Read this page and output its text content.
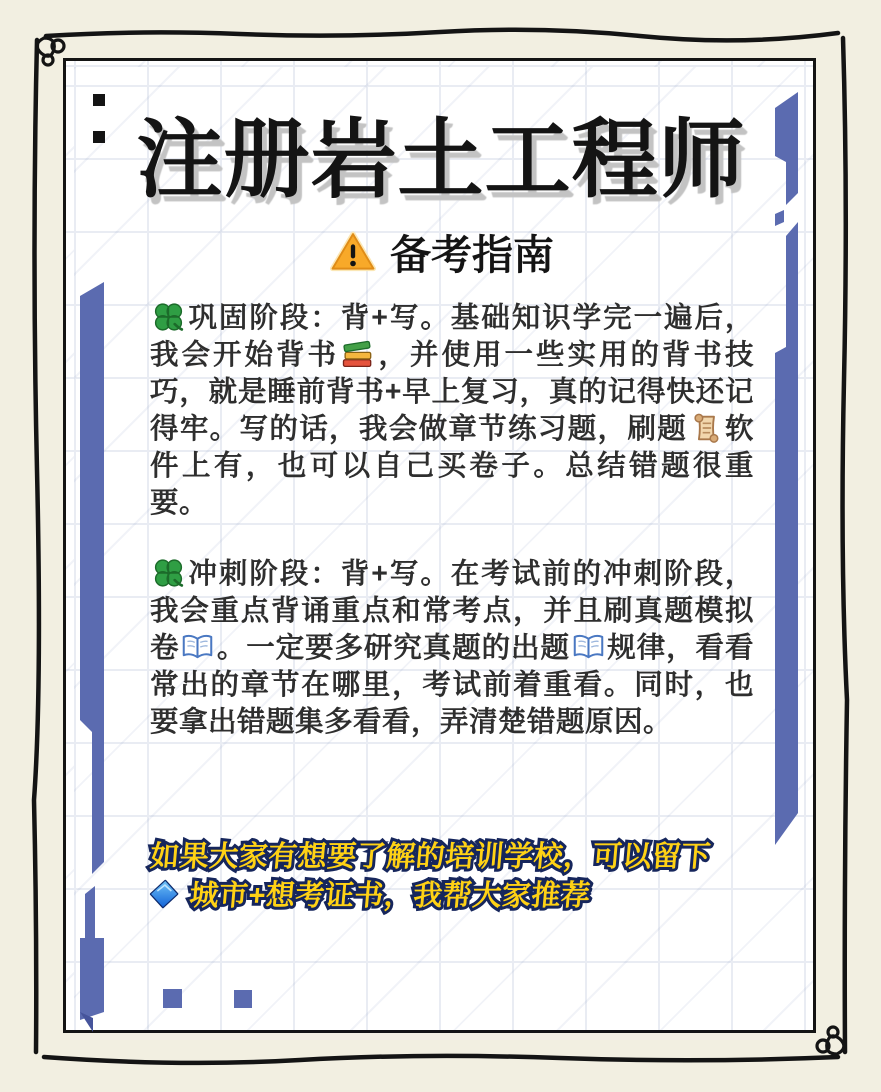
注册岩土工程师
备考指南

巩固阶段：背+写。基础知识学完一遍后，我会开始背书 ，并使用一些实用的背书技巧，就是睡前背书+早上复习，真的记得快还记得牢。写的话，我会做章节练习题，刷题 软件上有，也可以自己买卷子。总结错题很重要。

冲刺阶段：背+写。在考试前的冲刺阶段，我会重点背诵重点和常考点，并且刷真题模拟卷 。一定要多研究真题的出题 规律，看看常出的章节在哪里，考试前着重看。同时，也要拿出错题集多看看，弄清楚错题原因。

如果大家有想要了解的培训学校，可以留下
城市+想考证书，我帮大家推荐
